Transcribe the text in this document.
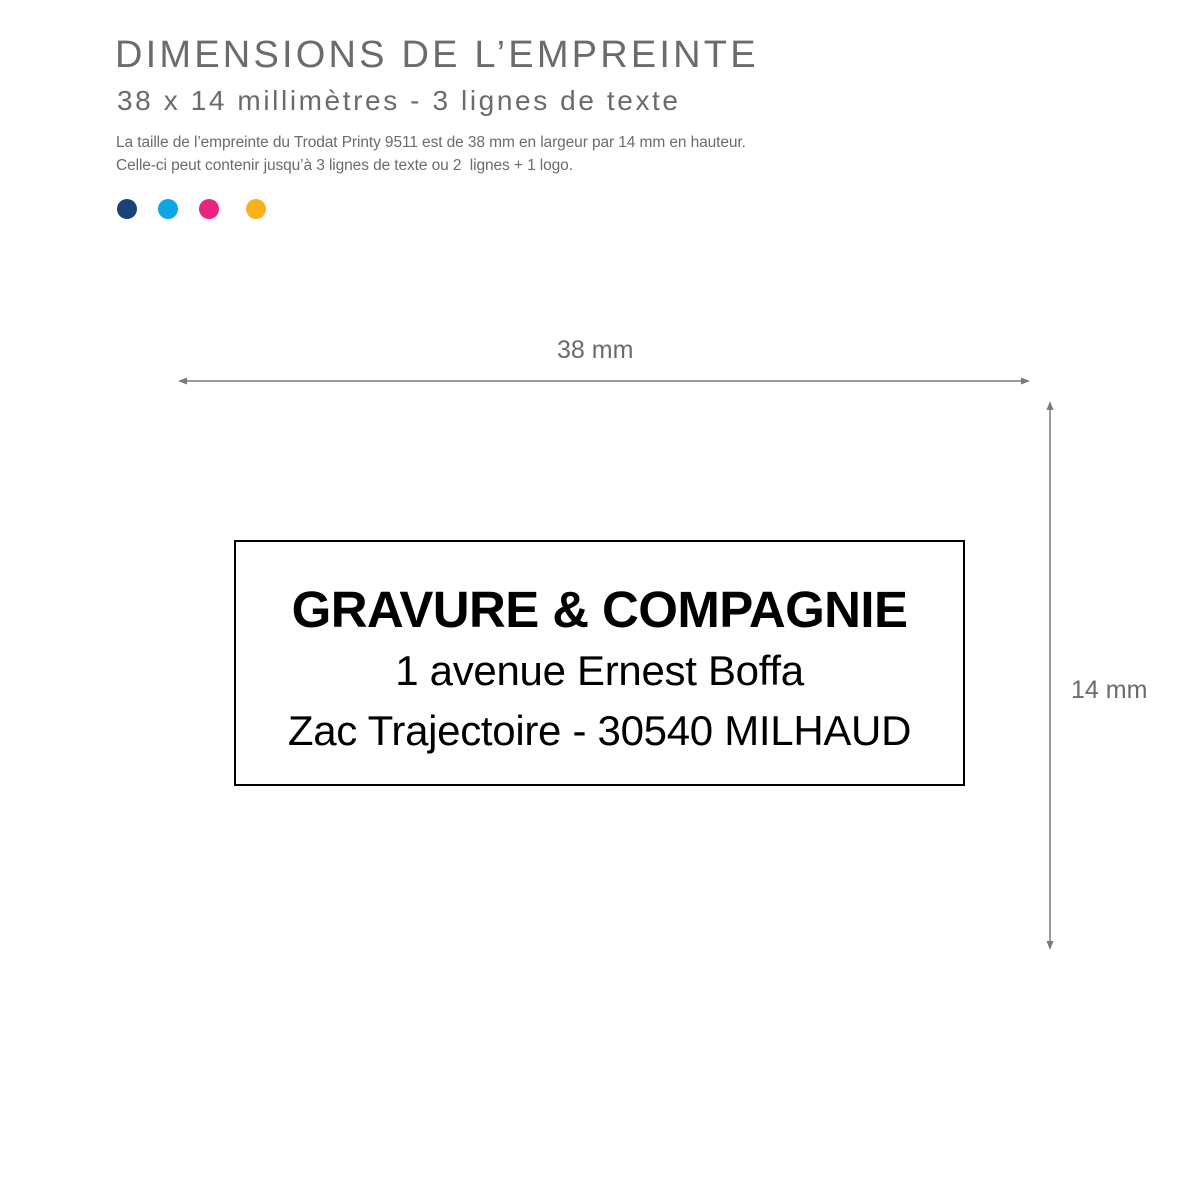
DIMENSIONS DE L’EMPREINTE
38 x 14 millimètres - 3 lignes de texte
La taille de l’empreinte du Trodat Printy 9511 est de 38 mm en largeur par 14 mm en hauteur.
Celle-ci peut contenir jusqu’à 3 lignes de texte ou 2  lignes + 1 logo.
38 mm
14 mm
GRAVURE & COMPAGNIE
1 avenue Ernest Boffa
Zac Trajectoire - 30540 MILHAUD
